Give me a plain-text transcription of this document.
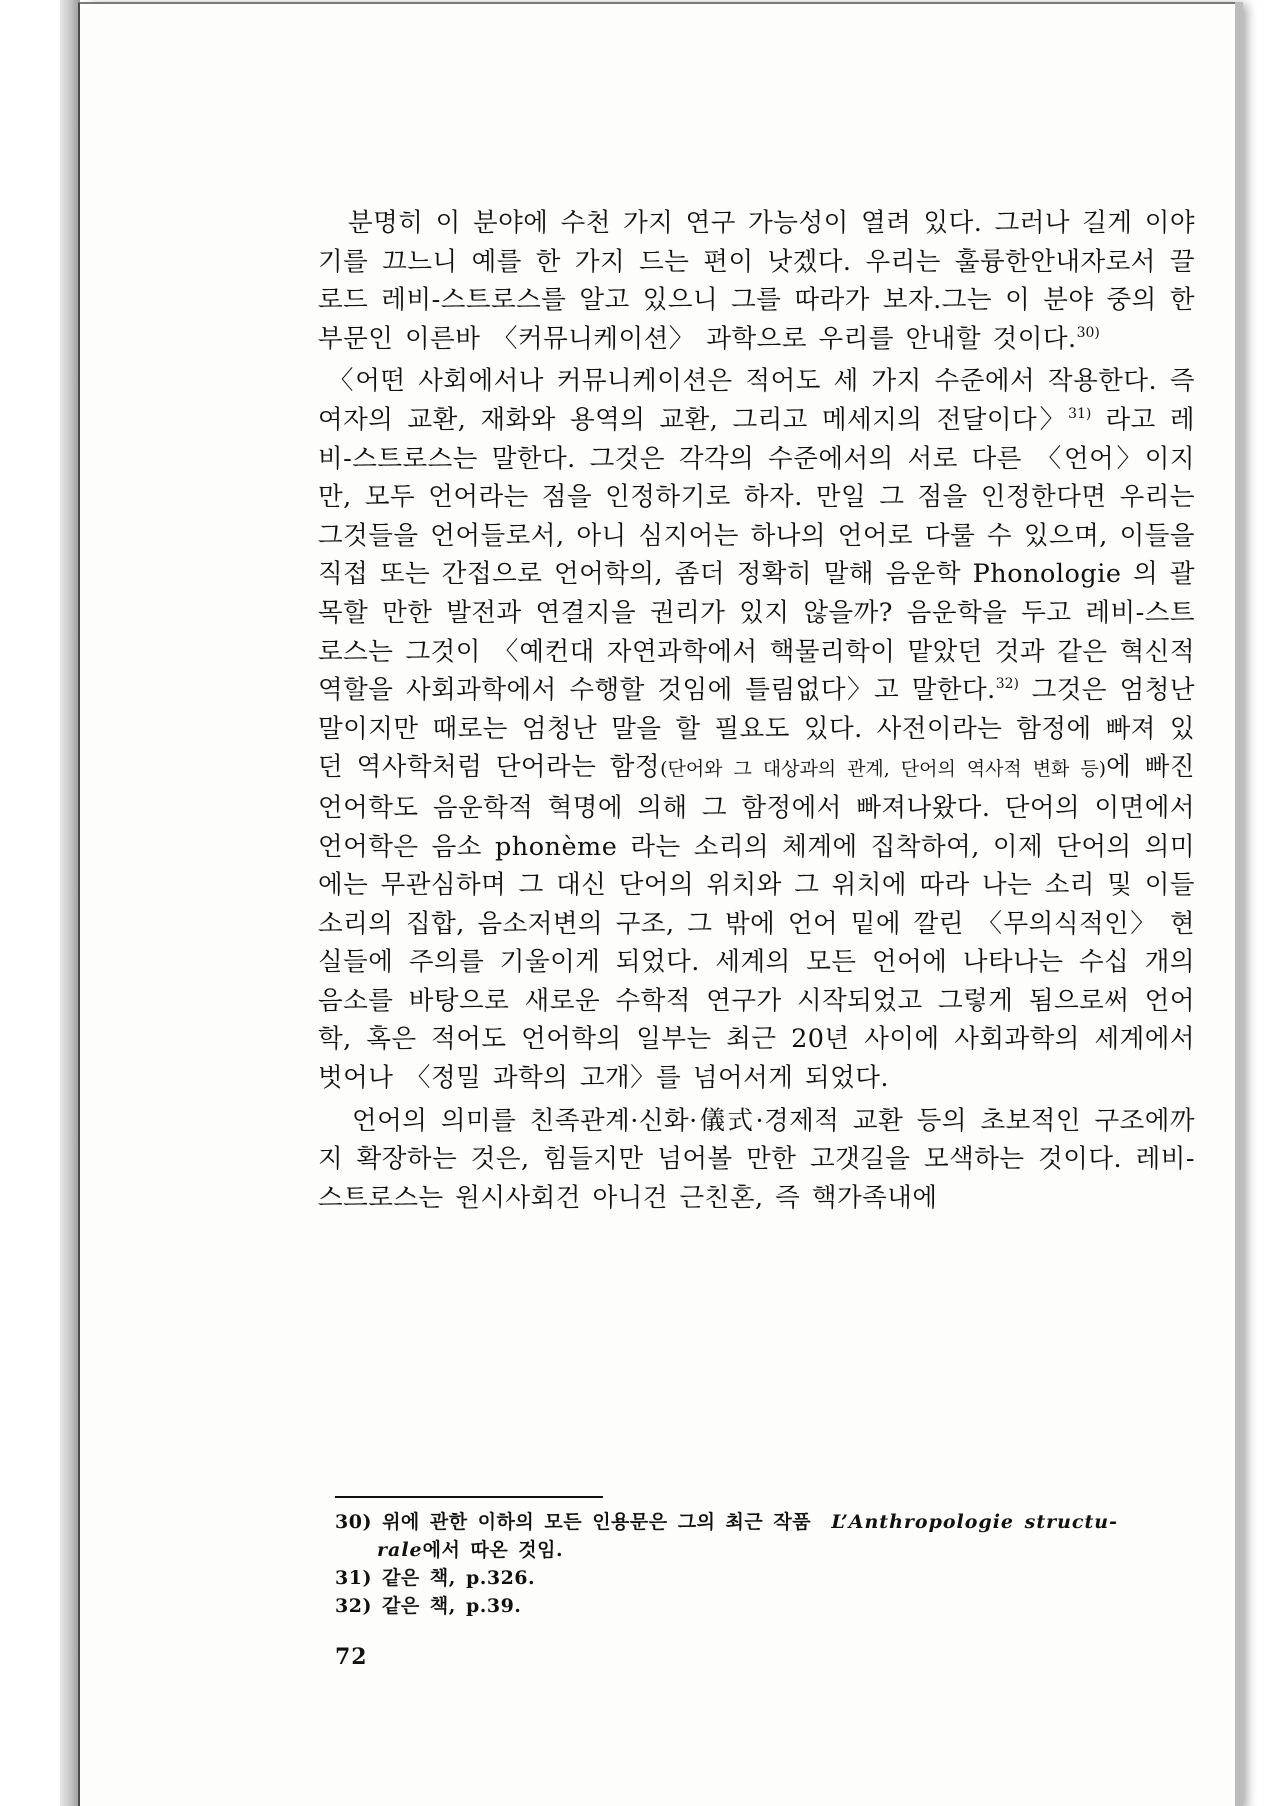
분명히 이 분야에 수천 가지 연구 가능성이 열려 있다. 그러나 길게 이야기를 끄느니 예를 한 가지 드는 편이 낫겠다. 우리는 훌륭한안내자로서 끌로드 레비-스트로스를 알고 있으니 그를 따라가 보자.그는 이 분야 중의 한 부문인 이른바 〈커뮤니케이션〉 과학으로 우리를 안내할 것이다.$^{30)}$

〈어떤 사회에서나 커뮤니케이션은 적어도 세 가지 수준에서 작용한다. 즉 여자의 교환, 재화와 용역의 교환, 그리고 메세지의 전달이다〉$^{31)}$ 라고 레비-스트로스는 말한다. 그것은 각각의 수준에서의 서로 다른 〈언어〉이지만, 모두 언어라는 점을 인정하기로 하자. 만일 그 점을 인정한다면 우리는 그것들을 언어들로서, 아니 심지어는 하나의 언어로 다룰 수 있으며, 이들을 직접 또는 간접으로 언어학의, 좀더 정확히 말해 음운학 Phonologie 의 괄목할 만한 발전과 연결지을 권리가 있지 않을까? 음운학을 두고 레비-스트로스는 그것이 〈예컨대 자연과학에서 핵물리학이 맡았던 것과 같은 혁신적 역할을 사회과학에서 수행할 것임에 틀림없다〉고 말한다.$^{32)}$ 그것은 엄청난 말이지만 때로는 엄청난 말을 할 필요도 있다. 사전이라는 함정에 빠져 있던 역사학처럼 단어라는 함정(단어와 그 대상과의 관계, 단어의 역사적 변화 등)에 빠진 언어학도 음운학적 혁명에 의해 그 함정에서 빠져나왔다. 단어의 이면에서 언어학은 음소 phonème 라는 소리의 체계에 집착하여, 이제 단어의 의미에는 무관심하며 그 대신 단어의 위치와 그 위치에 따라 나는 소리 및 이들 소리의 집합, 음소저변의 구조, 그 밖에 언어 밑에 깔린 〈무의식적인〉 현실들에 주의를 기울이게 되었다. 세계의 모든 언어에 나타나는 수십 개의 음소를 바탕으로 새로운 수학적 연구가 시작되었고 그렇게 됨으로써 언어학, 혹은 적어도 언어학의 일부는 최근 20년 사이에 사회과학의 세계에서 벗어나 〈정밀 과학의 고개〉를 넘어서게 되었다.

언어의 의미를 친족관계·신화·儀式·경제적 교환 등의 초보적인 구조에까지 확장하는 것은, 힘들지만 넘어볼 만한 고갯길을 모색하는 것이다. 레비-스트로스는 원시사회건 아니건 근친혼, 즉 핵가족내에

30) 위에 관한 이하의 모든 인용문은 그의 최근 작품 L’Anthropologie structu-
rale에서 따온 것임.

31) 같은 책, p.326.

32) 같은 책, p.39.

72
